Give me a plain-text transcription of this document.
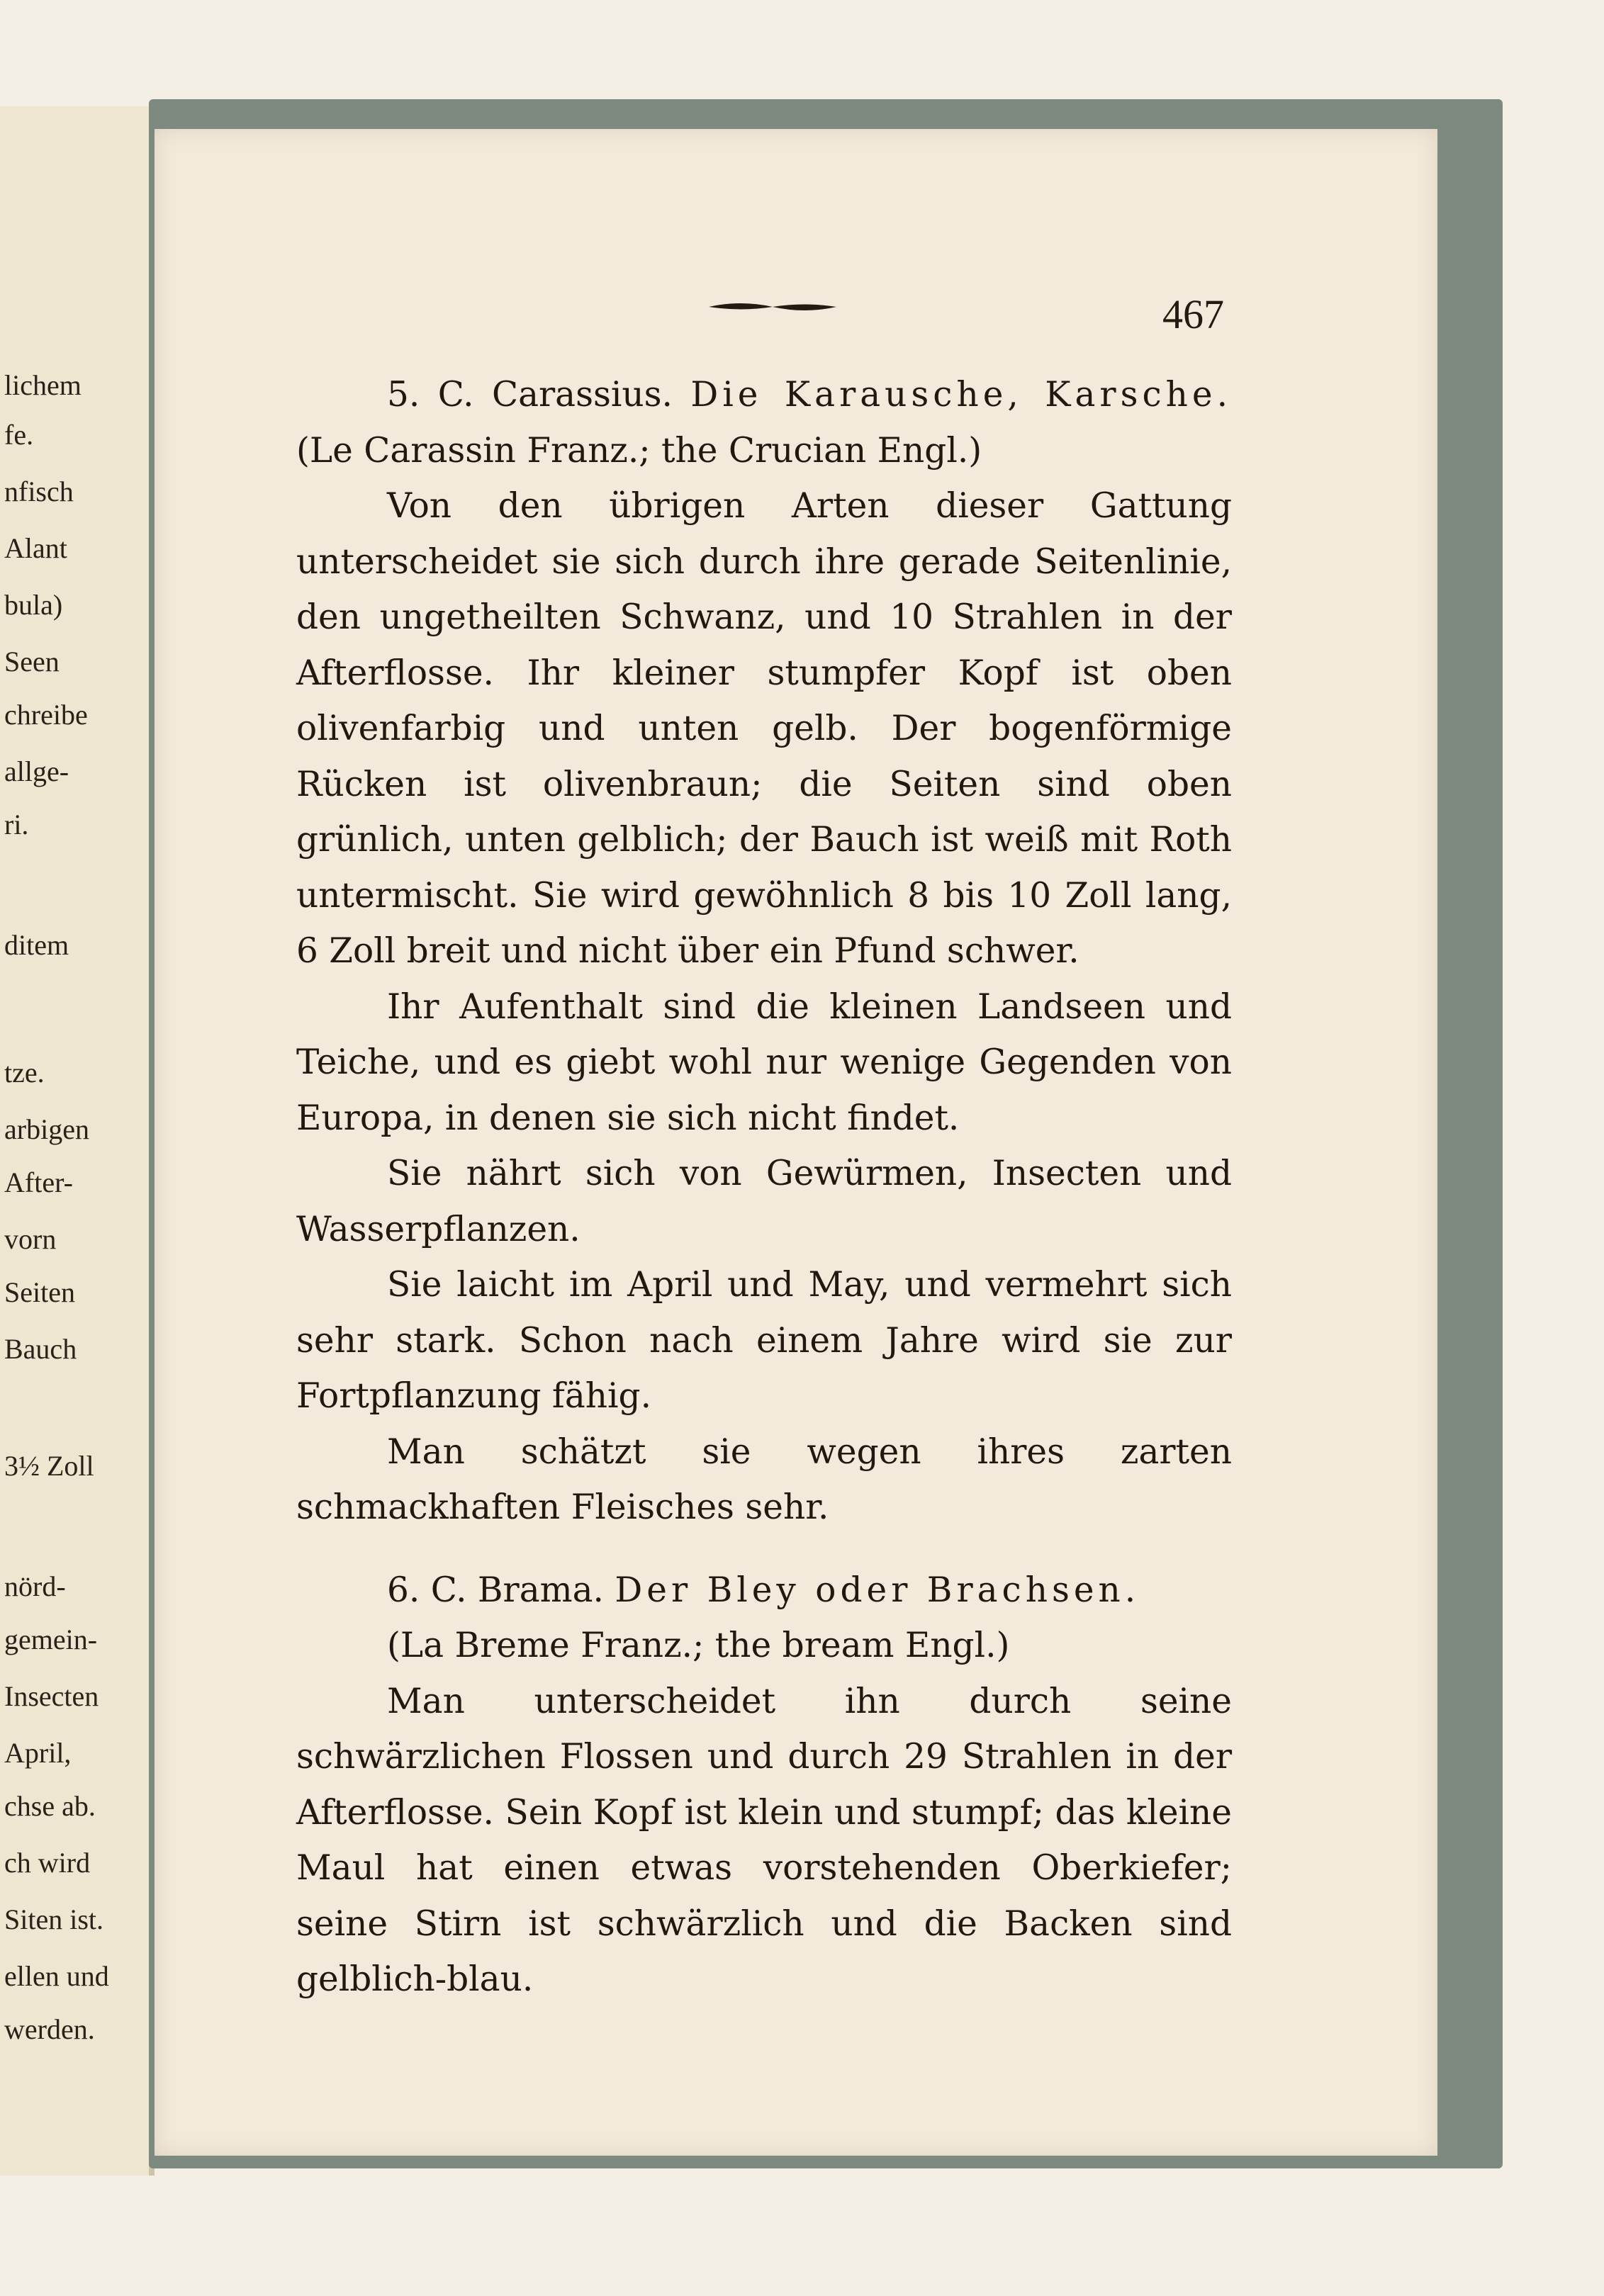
lichem
fe.
nfisch
Alant
bula)
Seen
chreibe
allge-
ri.
ditem
tze.
arbigen
After-
vorn
Seiten
Bauch
3½ Zoll
nörd-
gemein-
Insecten
April,
chse ab.
ch wird
Siten ist.
ellen und
werden.
467

5. C. Carassius. Die Karausche, Karsche. (Le Carassin Franz.; the Crucian Engl.)

Von den übrigen Arten dieser Gattung unterscheidet sie sich durch ihre gerade Seitenlinie, den ungetheilten Schwanz, und 10 Strahlen in der Afterflosse. Ihr kleiner stumpfer Kopf ist oben olivenfarbig und unten gelb. Der bogenförmige Rücken ist olivenbraun; die Seiten sind oben grünlich, unten gelblich; der Bauch ist weiß mit Roth untermischt. Sie wird gewöhnlich 8 bis 10 Zoll lang, 6 Zoll breit und nicht über ein Pfund schwer.

Ihr Aufenthalt sind die kleinen Landseen und Teiche, und es giebt wohl nur wenige Gegenden von Europa, in denen sie sich nicht findet.

Sie nährt sich von Gewürmen, Insecten und Wasserpflanzen.

Sie laicht im April und May, und vermehrt sich sehr stark. Schon nach einem Jahre wird sie zur Fortpflanzung fähig.

Man schätzt sie wegen ihres zarten schmackhaften Fleisches sehr.

6. C. Brama. Der Bley oder Brachsen.

(La Breme Franz.; the bream Engl.)

Man unterscheidet ihn durch seine schwärzlichen Flossen und durch 29 Strahlen in der Afterflosse. Sein Kopf ist klein und stumpf; das kleine Maul hat einen etwas vorstehenden Oberkiefer; seine Stirn ist schwärzlich und die Backen sind gelblich-blau.
